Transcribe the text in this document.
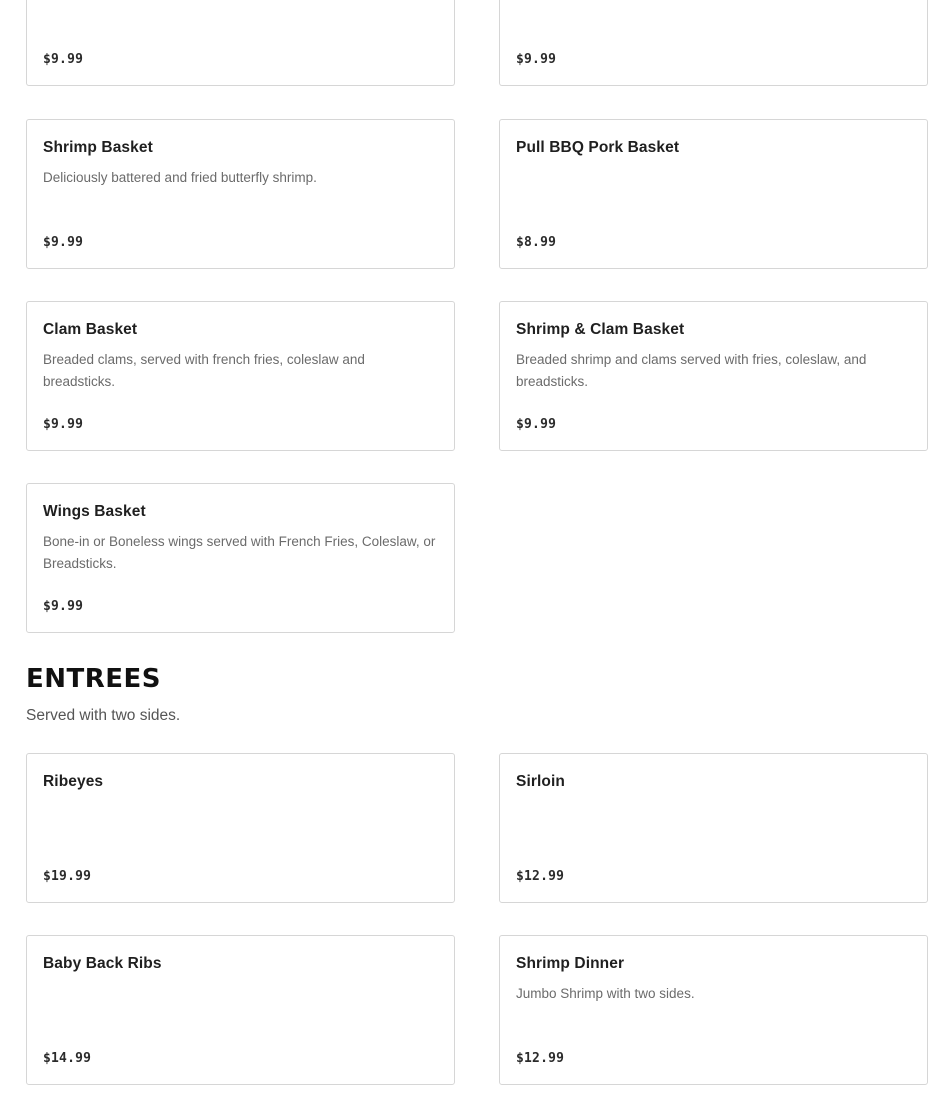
$9.99	$9.99
Shrimp Basket
Deliciously battered and fried butterfly shrimp.
$9.99
Pull BBQ Pork Basket
$8.99
Clam Basket
Breaded clams, served with french fries, coleslaw and breadsticks.
$9.99
Shrimp & Clam Basket
Breaded shrimp and clams served with fries, coleslaw, and breadsticks.
$9.99
Wings Basket
Bone-in or Boneless wings served with French Fries, Coleslaw, or Breadsticks.
$9.99
ENTREES

Served with two sides.

Ribeyes
$19.99
Sirloin
$12.99
Baby Back Ribs
$14.99
Shrimp Dinner
Jumbo Shrimp with two sides.
$12.99
